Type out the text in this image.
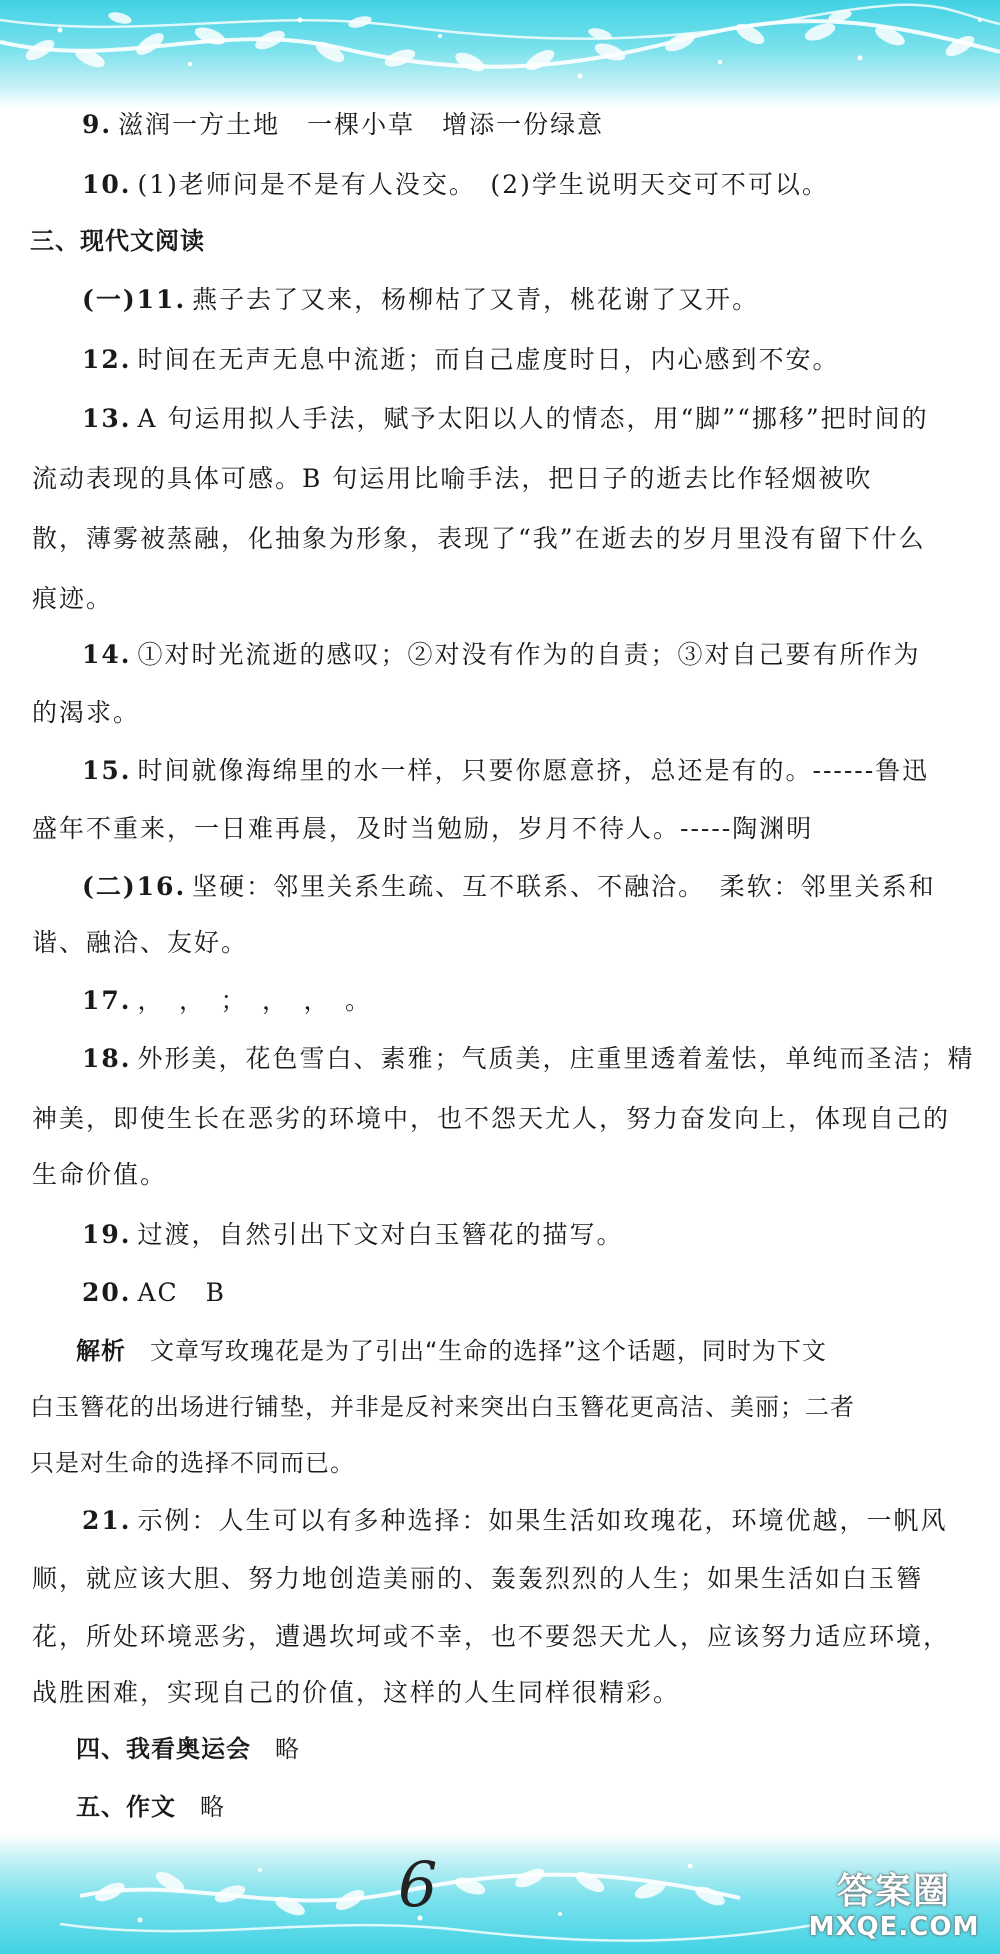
9. 滋润一方土地　一棵小草　增添一份绿意
10. (1)老师问是不是有人没交。　(2)学生说明天交可不可以。
三、现代文阅读
(一)11. 燕子去了又来，杨柳枯了又青，桃花谢了又开。
12. 时间在无声无息中流逝；而自己虚度时日，内心感到不安。
13. A 句运用拟人手法，赋予太阳以人的情态，用“脚”“挪移”把时间的
流动表现的具体可感。B 句运用比喻手法，把日子的逝去比作轻烟被吹
散，薄雾被蒸融，化抽象为形象，表现了“我”在逝去的岁月里没有留下什么
痕迹。
14. ①对时光流逝的感叹；②对没有作为的自责；③对自己要有所作为
的渴求。
15. 时间就像海绵里的水一样，只要你愿意挤，总还是有的。------鲁迅
盛年不重来，一日难再晨，及时当勉励，岁月不待人。-----陶渊明
(二)16. 坚硬：邻里关系生疏、互不联系、不融洽。　柔软：邻里关系和
谐、融洽、友好。
17. ，　，　；　，　，　。
18. 外形美，花色雪白、素雅；气质美，庄重里透着羞怯，单纯而圣洁；精
神美，即使生长在恶劣的环境中，也不怨天尤人，努力奋发向上，体现自己的
生命价值。
19. 过渡，自然引出下文对白玉簪花的描写。
20. AC　B
解析 文章写玫瑰花是为了引出“生命的选择”这个话题，同时为下文
白玉簪花的出场进行铺垫，并非是反衬来突出白玉簪花更高洁、美丽；二者
只是对生命的选择不同而已。
21. 示例：人生可以有多种选择：如果生活如玫瑰花，环境优越，一帆风
顺，就应该大胆、努力地创造美丽的、轰轰烈烈的人生；如果生活如白玉簪
花，所处环境恶劣，遭遇坎坷或不幸，也不要怨天尤人，应该努力适应环境，
战胜困难，实现自己的价值，这样的人生同样很精彩。
四、我看奥运会 略
五、作文 略
6	答案圈
MXQE.COM
